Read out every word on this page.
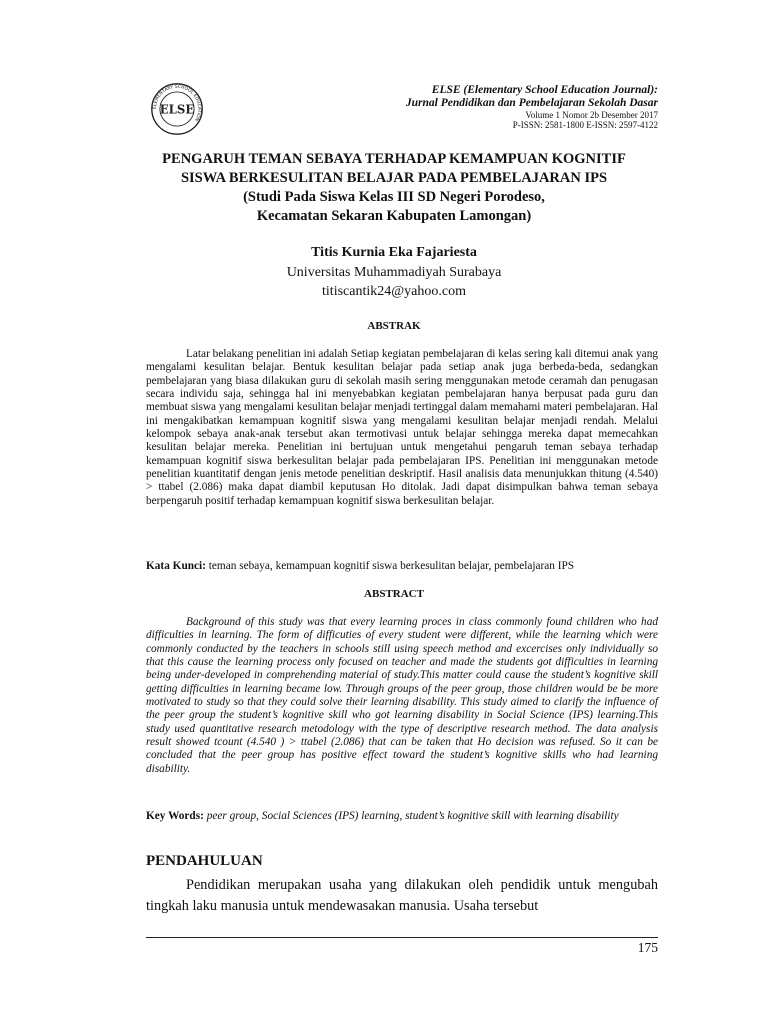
ELEMENTARY SCHOOL EDUCATION
ELSE
ELSE (Elementary School Education Journal):
Jurnal Pendidikan dan Pembelajaran Sekolah Dasar
Volume 1 Nomor 2b Desember 2017
P-ISSN: 2581-1800 E-ISSN: 2597-4122
PENGARUH TEMAN SEBAYA TERHADAP KEMAMPUAN KOGNITIF
SISWA BERKESULITAN BELAJAR PADA PEMBELAJARAN IPS
(Studi Pada Siswa Kelas III SD Negeri Porodeso,
Kecamatan Sekaran Kabupaten Lamongan)
Titis Kurnia Eka Fajariesta
Universitas Muhammadiyah Surabaya
titiscantik24@yahoo.com
ABSTRAK

Latar belakang penelitian ini adalah Setiap kegiatan pembelajaran di kelas sering kali ditemui anak yang mengalami kesulitan belajar. Bentuk kesulitan belajar pada setiap anak juga berbeda-beda, sedangkan pembelajaran yang biasa dilakukan guru di sekolah masih sering menggunakan metode ceramah dan penugasan secara individu saja, sehingga hal ini menyebabkan kegiatan pembelajaran hanya berpusat pada guru dan membuat siswa yang mengalami kesulitan belajar menjadi tertinggal dalam memahami materi pembelajaran. Hal ini mengakibatkan kemampuan kognitif siswa yang mengalami kesulitan belajar menjadi rendah. Melalui kelompok sebaya anak-anak tersebut akan termotivasi untuk belajar sehingga mereka dapat memecahkan kesulitan belajar mereka. Penelitian ini bertujuan untuk mengetahui pengaruh teman sebaya terhadap kemampuan kognitif siswa berkesulitan belajar pada pembelajaran IPS. Penelitian ini menggunakan metode penelitian kuantitatif dengan jenis metode penelitian deskriptif. Hasil analisis data menunjukkan thitung (4.540) > ttabel (2.086) maka dapat diambil keputusan Ho ditolak. Jadi dapat disimpulkan bahwa teman sebaya berpengaruh positif terhadap kemampuan kognitif siswa berkesulitan belajar.

Kata Kunci: teman sebaya, kemampuan kognitif siswa berkesulitan belajar, pembelajaran IPS
ABSTRACT

Background of this study was that every learning proces in class commonly found children who had difficulties in learning. The form of difficuties of every student were different, while the learning which were commonly conducted by the teachers in schools still using speech method and excercises only individually so that this cause the learning process only focused on teacher and made the students got difficulties in learning being under-developed in comprehending material of study.This matter could cause the student’s kognitive skill getting difficulties in learning became low. Through groups of the peer group, those children would be be more motivated to study so that they could solve their learning disability. This study aimed to clarify the influence of the peer group the student’s kognitive skill who got learning disability in Social Science (IPS) learning.This study used quantitative research metodology with the type of descriptive research method. The data analysis result showed tcount (4.540 ) > ttabel (2.086) that can be taken that Ho decision was refused. So it can be concluded that the peer group has positive effect toward the student’s kognitive skills who had learning disability.

Key Words: peer group, Social Sciences (IPS) learning, student’s kognitive skill with learning disability
PENDAHULUAN

Pendidikan merupakan usaha yang dilakukan oleh pendidik untuk mengubah tingkah laku manusia untuk mendewasakan manusia. Usaha tersebut

175
